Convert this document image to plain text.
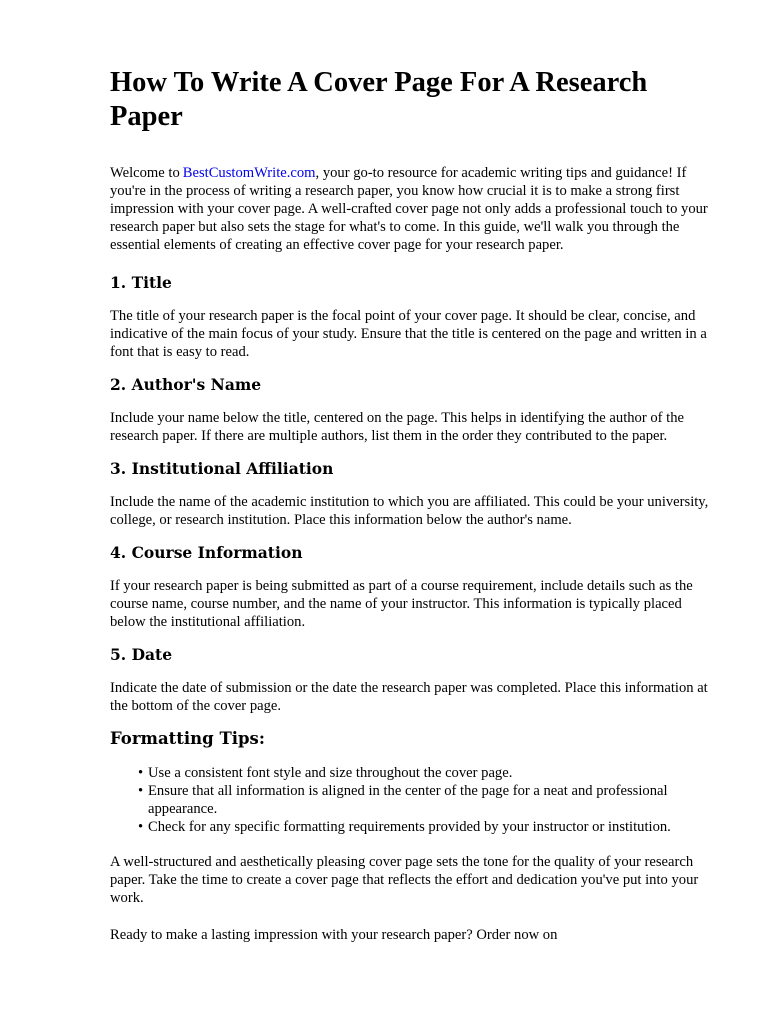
How To Write A Cover Page For A Research Paper

Welcome to BestCustomWrite.com, your go-to resource for academic writing tips and guidance! If you're in the process of writing a research paper, you know how crucial it is to make a strong first impression with your cover page. A well-crafted cover page not only adds a professional touch to your research paper but also sets the stage for what's to come. In this guide, we'll walk you through the essential elements of creating an effective cover page for your research paper.

1. Title

The title of your research paper is the focal point of your cover page. It should be clear, concise, and indicative of the main focus of your study. Ensure that the title is centered on the page and written in a font that is easy to read.

2. Author's Name

Include your name below the title, centered on the page. This helps in identifying the author of the research paper. If there are multiple authors, list them in the order they contributed to the paper.

3. Institutional Affiliation

Include the name of the academic institution to which you are affiliated. This could be your university, college, or research institution. Place this information below the author's name.

4. Course Information

If your research paper is being submitted as part of a course requirement, include details such as the course name, course number, and the name of your instructor. This information is typically placed below the institutional affiliation.

5. Date

Indicate the date of submission or the date the research paper was completed. Place this information at the bottom of the cover page.

Formatting Tips:
• Use a consistent font style and size throughout the cover page.
• Ensure that all information is aligned in the center of the page for a neat and professional appearance.
• Check for any specific formatting requirements provided by your instructor or institution.

A well-structured and aesthetically pleasing cover page sets the tone for the quality of your research paper. Take the time to create a cover page that reflects the effort and dedication you've put into your work.

Ready to make a lasting impression with your research paper? Order now on
